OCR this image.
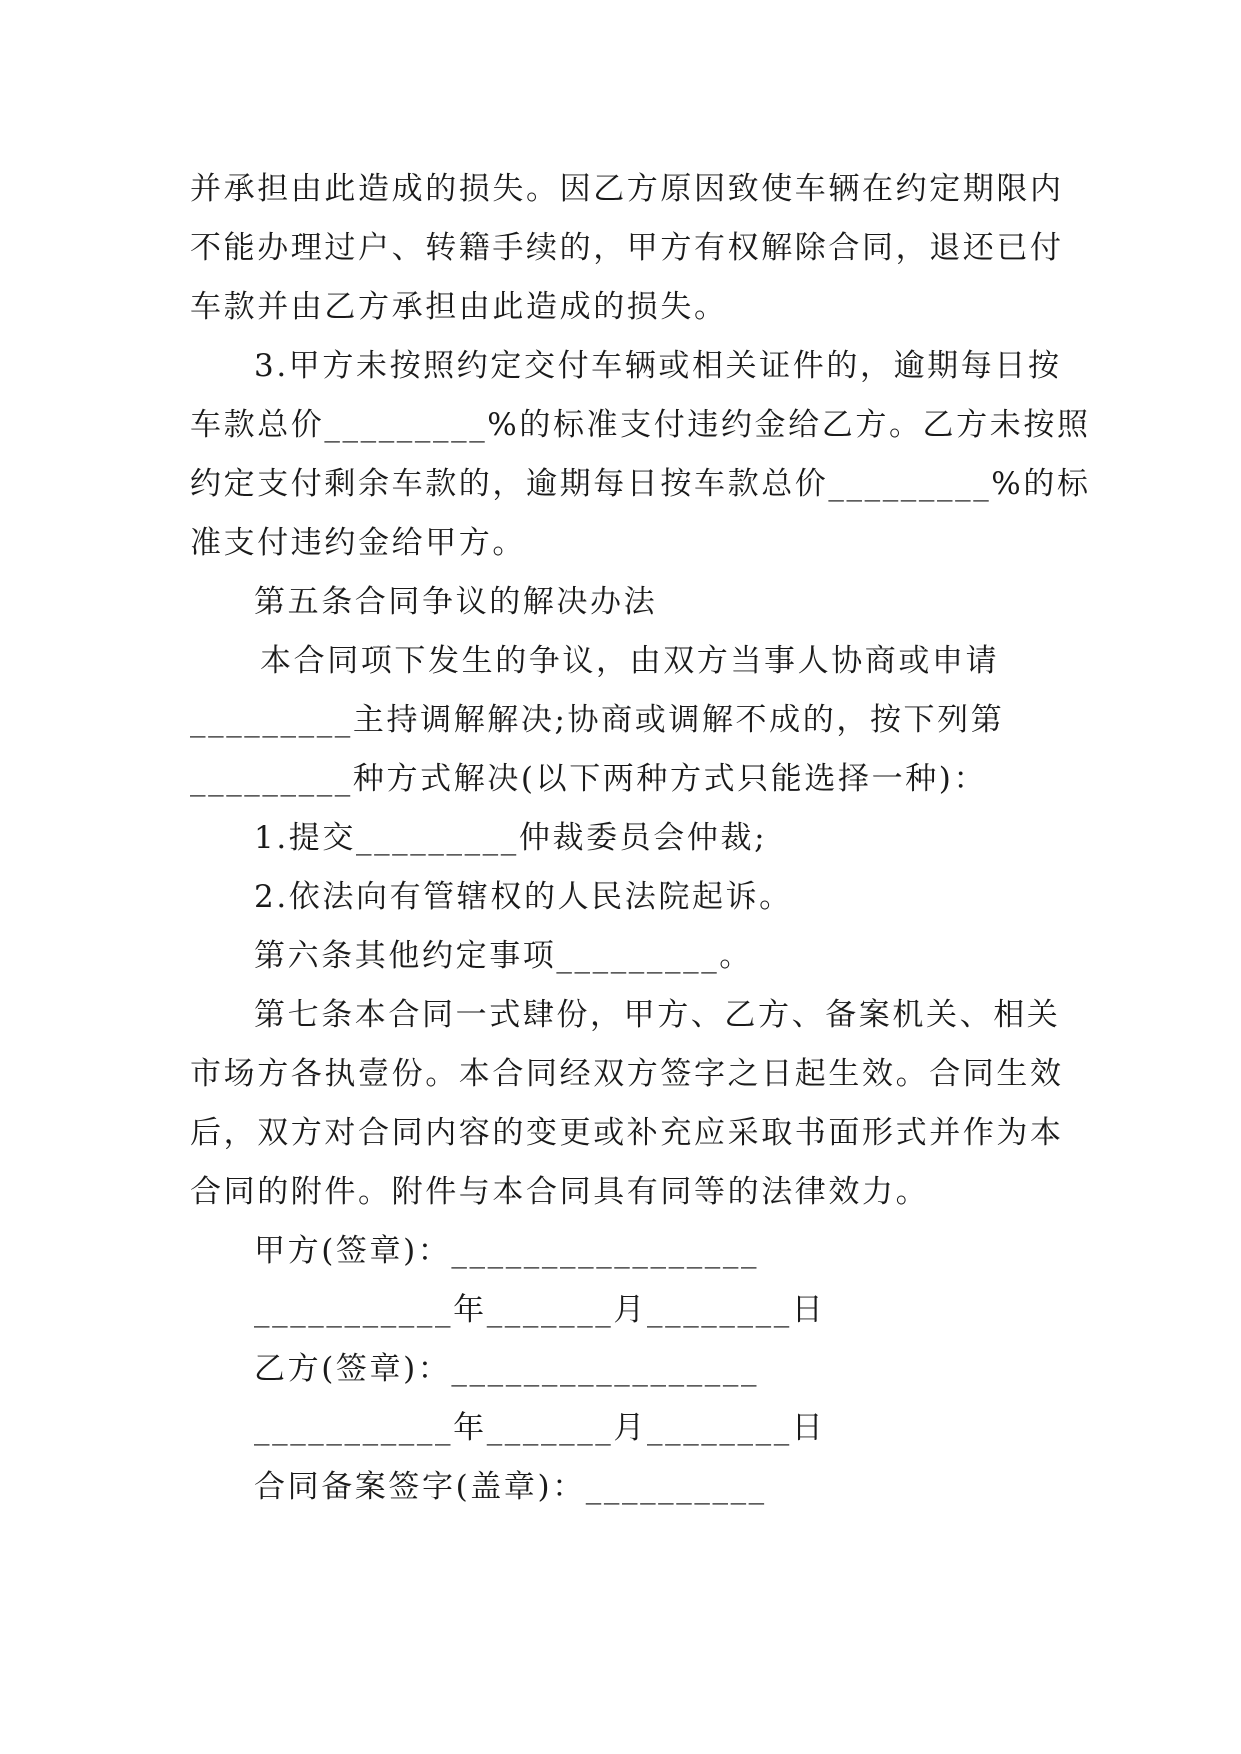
并承担由此造成的损失。因乙方原因致使车辆在约定期限内
不能办理过户、转籍手续的，甲方有权解除合同，退还已付
车款并由乙方承担由此造成的损失。
3.甲方未按照约定交付车辆或相关证件的，逾期每日按
车款总价_________%的标准支付违约金给乙方。乙方未按照
约定支付剩余车款的，逾期每日按车款总价_________%的标
准支付违约金给甲方。
第五条合同争议的解决办法
本合同项下发生的争议，由双方当事人协商或申请
_________主持调解解决;协商或调解不成的，按下列第
_________种方式解决(以下两种方式只能选择一种)：
1.提交_________仲裁委员会仲裁;
2.依法向有管辖权的人民法院起诉。
第六条其他约定事项_________。
第七条本合同一式肆份，甲方、乙方、备案机关、相关
市场方各执壹份。本合同经双方签字之日起生效。合同生效
后，双方对合同内容的变更或补充应采取书面形式并作为本
合同的附件。附件与本合同具有同等的法律效力。
甲方(签章)：_________________
___________年_______月________日
乙方(签章)：_________________
___________年_______月________日
合同备案签字(盖章)：__________
